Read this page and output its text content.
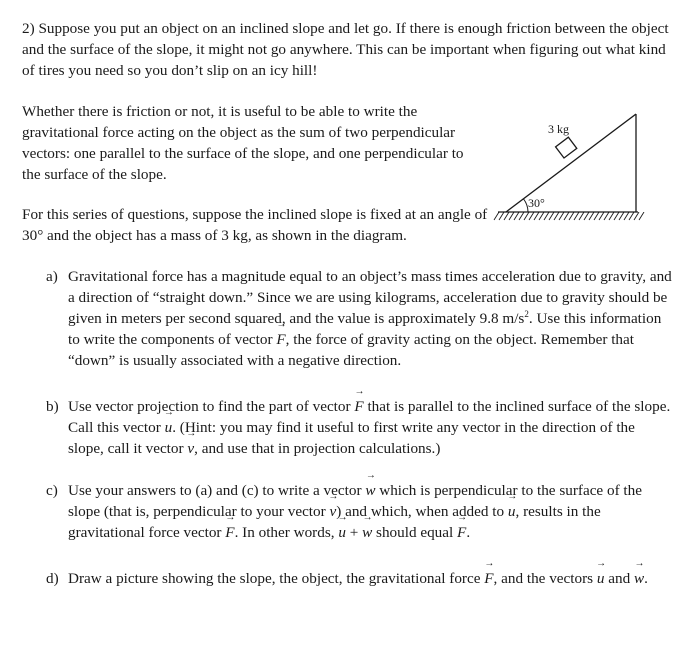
2) Suppose you put an object on an inclined slope and let go. If there is enough friction between the object and the surface of the slope, it might not go anywhere. This can be important when figuring out what kind of tires you need so you don’t slip on an icy hill!

Whether there is friction or not, it is useful to be able to write the gravitational force acting on the object as the sum of two perpendicular vectors: one parallel to the surface of the slope, and one perpendicular to the surface of the slope.

For this series of questions, suppose the inclined slope is fixed at an angle of 30° and the object has a mass of 3 kg, as shown in the diagram.

3 kg
30°
a) Gravitational force has a magnitude equal to an object’s mass times acceleration due to gravity, and a direction of “straight down.” Since we are using kilograms, acceleration due to gravity should be given in meters per second squared, and the value is approximately 9.8 $m/s^2$. Use this information to write the components of vector → F, the force of gravity acting on the object. Remember that “down” is usually associated with a negative direction.
b) Use vector projection to find the part of vector → F that is parallel to the inclined surface of the slope. Call this vector → u. (Hint: you may find it useful to first write any vector in the direction of the slope, call it vector → v, and use that in projection calculations.)
c) Use your answers to (a) and (c) to write a vector → w which is perpendicular to the surface of the slope (that is, perpendicular to your vector → v) and which, when added to → u, results in the gravitational force vector → F. In other words, → u + → w should equal → F.
d) Draw a picture showing the slope, the object, the gravitational force → F, and the vectors → u and → w.
